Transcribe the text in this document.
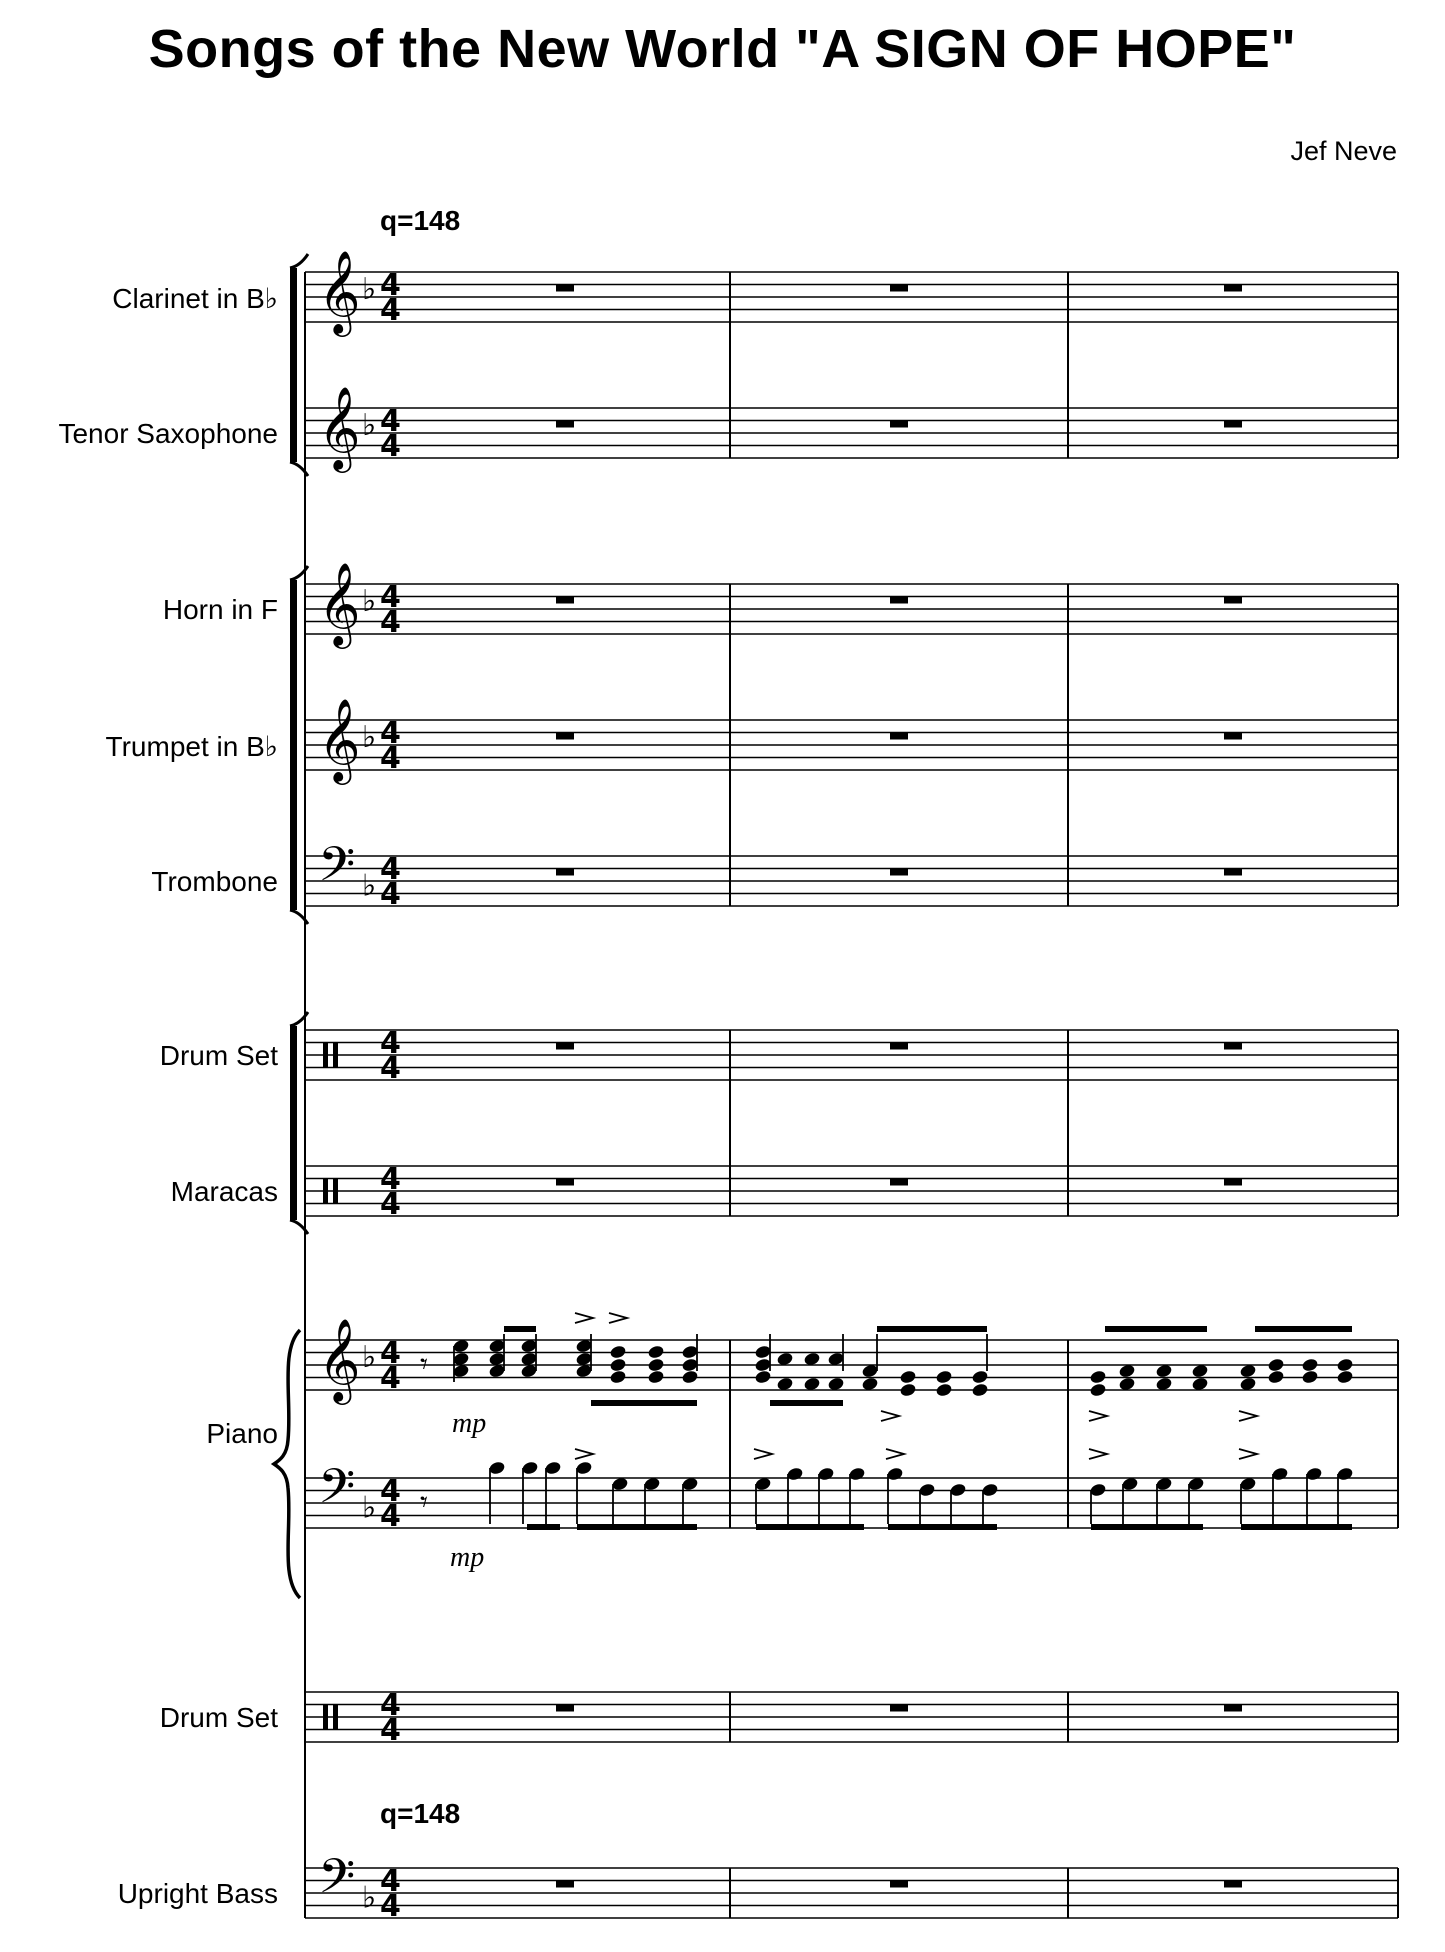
Songs of the New World "A SIGN OF HOPE"
Jef Neve
q=148
q=148
Clarinet in B♭
Tenor Saxophone
Horn in F
Trumpet in B♭
Trombone
Drum Set
Maracas
Piano
Drum Set
Upright Bass
mp
mp
𝄞 ♭ 4
4
𝄞 ♭ 4
4
𝄞 ♭ 4
4
𝄞 ♭ 4
4
𝄢 ♭ 4
4
4
4
4
4
𝄞 ♭ 4
4
𝄢 ♭ 4
4
4
4
𝄢 ♭ 4
4
𝄾
𝄾
